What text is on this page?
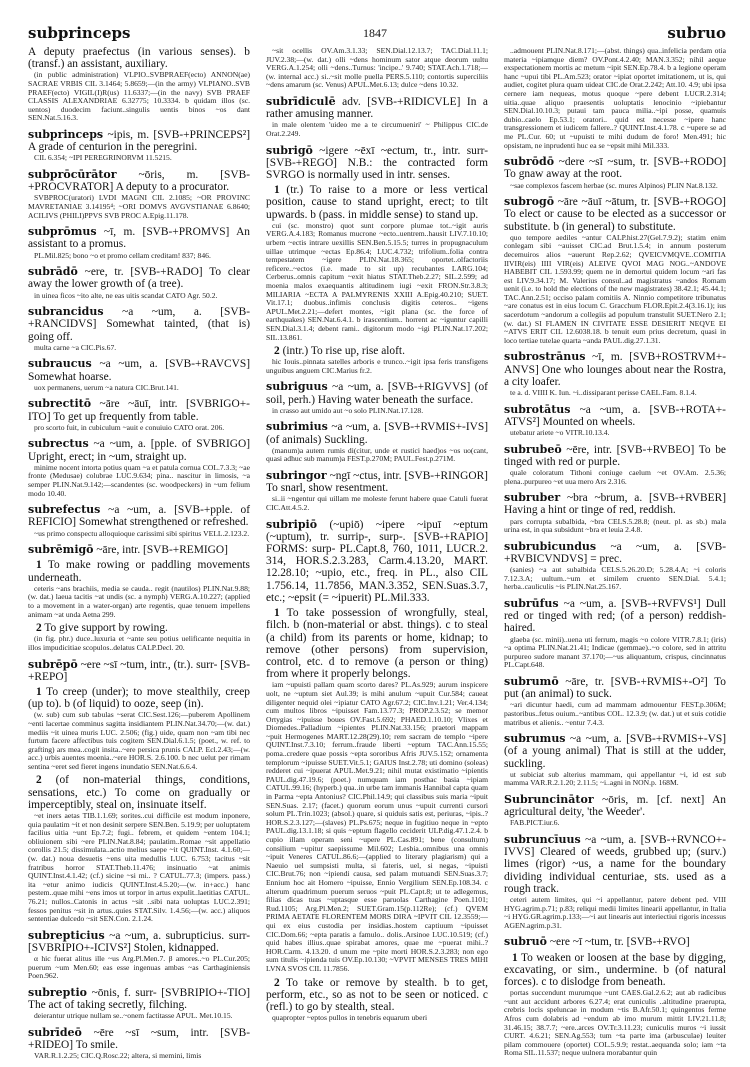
subprinceps	1847	subruo

A deputy praefectus (in various senses). b (transf.) an assistant, auxiliary.

(in public administration) VLPIO..SVBPRAEF(ecto) ANNON(ae) SACRAE VRBIS CIL 3.1464; 5.8659;—(in the army) VLPIANO..SVB PRAEF(ecto) VIGIL(I)R(us) 11.6337;—(in the navy) SVB PRAEF CLASSIS ALEXANDRIAE 6.32775; 10.3334. b quidam illos (sc. uentos) duodecim faciunt..singulis uentis binos ~os dant SEN.Nat.5.16.3.

subprinceps ~ipis, m. [SVB-+PRINCEPS²] A grade of centurion in the peregrini.

CIL 6.354; ~IPI PEREGRINORVM 11.5215.

subprōcūrātor ~ōris, m. [SVB-+PROCVRATOR] A deputy to a procurator.

SVBPROC(uratori) LVDI MAGNI CIL 2.1085; ~OR PROVINC MAVRETANIAE 3.14195⁴; ~ORI DOMVS AVGVSTIANAE 6.8640; ACILIVS (PHILI)PPVS SVB PROC A.Epig.11.178.

subprōmus ~ī, m. [SVB-+PROMVS] An assistant to a promus.

PL.Mil.825; bono ~o et promo cellam creditam! 837; 846.

subrādō ~ere, tr. [SVB-+RADO] To clear away the lower growth of (a tree).

in uinea ficos ~ito alte, ne eas uitis scandat CATO Agr. 50.2.

subrancidus ~a ~um, a. [SVB-+RANCIDVS] Somewhat tainted, (that is) going off.

multa carne ~a CIC.Pis.67.

subraucus ~a ~um, a. [SVB-+RAVCVS] Somewhat hoarse.

uox permanens, uerum ~a natura CIC.Brut.141.

subrectitō ~āre ~āuī, intr. [SVBRIGO+-ITO] To get up frequently from table.

pro scorto fuit, in cubiculum ~auit e conuiuio CATO orat. 206.

subrectus ~a ~um, a. [pple. of SVBRIGO] Upright, erect; in ~um, straight up.

minime nocent intorta potius quam ~a et patula cornua COL.7.3.3; ~ae fronte (Medusae) colubrae LUC.9.634; pina.. nascitur in limosis, ~a semper PLIN.Nat.9.142;—scandentes (sc. woodpeckers) in ~um felium modo 10.40.

subrefectus ~a ~um, a. [SVB-+pple. of REFICIO] Somewhat strengthened or refreshed.

~us primo conspectu alloquioque carissimi sibi spiritus VELL.2.123.2.

subrēmigō ~āre, intr. [SVB-+REMIGO]

1 To make rowing or paddling movements underneath.

ceteris ~ans brachiis, media se cauda.. regit (nautilos) PLIN.Nat.9.88; (w. dat.) laeua tacitis ~at undis (sc. a nymph) VERG.A.10.227; (applied to a movement in a water-organ) arte regentis, quae tenuem impellens animam ~at unda Aetna 299.

2 To give support by rowing.

(in fig. phr.) duce..luxuria et ~ante seu potius uelificante nequitia in illos impudicitiae scopulos..delatus CALP.Decl. 20.

subrēpō ~ere ~sī ~tum, intr., (tr.). surr- [SVB-+REPO]

1 To creep (under); to move stealthily, creep (up to). b (of liquid) to ooze, seep (in).

(w. sub) cum sub tabulas ~serat CIC.Sest.126;—puberem Apollinem ~enti lacertae comminus sagitta insidiantem PLIN.Nat.34.70;—(w. dat.) mediis ~it uinea muris LUC. 2.506; (fig.) uide, quam non ~am tibi nec furtum facere affectibus tuis cogitem SEN.Dial.6.1.5; (poet., w. ref. to grafting) ars mea..cogit insita..~ere persica prunis CALP. Ecl.2.43;—(w. acc.) urbis auentes moenia..~ere HOR.S. 2.6.100. b nec uelut per rimam sentina ~eret sed fieret ingens inundatio SEN.Nat.6.6.4.

2 (of non-material things, conditions, sensations, etc.) To come on gradually or imperceptibly, steal on, insinuate itself.

~et iners aetas TIB.1.1.69; sorites..cui difficile est modum inponere, quia paulatim ~it et non desinit serpere SEN.Ben. 5.19.9; per uoluptatem facilius uitia ~unt Ep.7.2; fugi.. febrem, et quidem ~entem 104.1; obliuionem sibi ~ere PLIN.Nat.8.84; paulatim..Romae ~sit appellatio corollis 21.5; dissimulata..actio melius saepe ~it QUINT.Inst. 4.1.60;—(w. dat.) noua desuetis ~ens uita medullis LUC. 6.753; tacitus ~sit fratribus horror STAT.Theb.11.476; insinuatio ~at animis QUINT.Inst.4.1.42; (cf.) sicine ~si mi.. ? CATUL.77.3; (impers. pass.) ita ~etur animo iudicis QUINT.Inst.4.5.20;—(w. in+acc.) hanc pestem..quae mihi ~ens imos ut torpor in artus expulit..laetitias CATUL. 76.21; nullos..Catonis in actus ~sit ..sibi nata uoluptas LUC.2.391; fessos penitus ~sit in artus..quies STAT.Silv. 1.4.56;—(w. acc.) aliquos sententiae dulcedo ~sit SEN.Con. 2.1.24.

subrepticius ~a ~um, a. subrupticius. surr- [SVBRIPIO+-ICIVS²] Stolen, kidnapped.

α hic fuerat alitus ille ~us Arg.Pl.Men.7. β amores..~o PL.Cur.205; puerum ~um Men.60; eas esse ingenuas ambas ~as Carthaginiensis Poen.962.

subreptio ~ōnis, f. surr- [SVBRIPIO+-TIO] The act of taking secretly, filching.

deierantur utrique nullam se..~onem factitasse APUL. Met.10.15.

subrīdeō ~ēre ~sī ~sum, intr. [SVB-+RIDEO] To smile.

VAR.R.1.2.25; CIC.Q.Rosc.22; altera, si memini, limis

~sit ocellis OV.Am.3.1.33; SEN.Dial.12.13.7; TAC.Dial.11.1; JUV.2.38;—(w. dat.) olli ~dens hominum sator atque deorum uultu VERG.A.1.254; olli ~dens..Turnus: 'incipe..' 9.740; STAT.Ach.1.718;—(w. internal acc.) si..~sit molle puella PERS.5.110; contortis superciliis ~dens amarum (sc. Venus) APUL.Met.6.13; dulce ~dens 10.32.

subrīdiculē adv. [SVB-+RIDICVLE] In a rather amusing manner.

in male olentem 'uideo me a te circumueniri' ~ Philippus CIC.de Orat.2.249.

subrigō ~igere ~ēxī ~ectum, tr., intr. surr- [SVB-+REGO] N.B.: the contracted form SVRGO is normally used in intr. senses.

1 (tr.) To raise to a more or less vertical position, cause to stand upright, erect; to tilt upwards. b (pass. in middle sense) to stand up.

cui (sc. monstro) quot sunt corpore plumae tot..~igit auris VERG.A.4.183; Romanus mucrone ~ecto..uentrem..hausit LIV.7.10.10; urbem ~ectis intrare uexillis SEN.Ben.5.15.5; turres in propugnaculum uillae utrimque ~ectas Ep.86.4; LUC.4.732; trifolium..folia contra tempestatem ~igere PLIN.Nat.18.365; oportet..olfactoriis reficere..~ectos (i.e. made to sit up) recubantes LARG.104; Cerberus..omnis capitum ~exit hiatus STAT.Theb.2.27; SIL.2.599; ad moenia malos exaequantis altitudinem iugi ~exit FRON.Str.3.8.3; MILIARIA ~ECTA A PALMYRENIS XXIII A.Epig.40.210; SUET. Vit.17.1; duobus..infimis conclusis digitis ceteros.. ~igens APUL.Met.2.21;—defert montes, ~igit plana (sc. the force of earthquakes) SEN.Nat.6.4.1. b irascentium.. horrent ac ~iguntur capilli SEN.Dial.3.1.4; debent rami.. digitorum modo ~igi PLIN.Nat.17.202; SIL.13.861.

2 (intr.) To rise up, rise aloft.

hic Iouis..pinnata satelles arboris e trunco..~igit ipsa feris transfigens unguibus anguem CIC.Marius fr.2.

subriguus ~a ~um, a. [SVB-+RIGVVS] (of soil, perh.) Having water beneath the surface.

in crasso aut umido aut ~o solo PLIN.Nat.17.128.

subrimius ~a ~um, a. [SVB-+RVMIS+-IVS] (of animals) Suckling.

(manum)a autem rumis di(citur, unde et rustici haed)os ~os uo(cant, quasi adhuc sub manum)a FEST.p.270M; PAUL.Fest.p.271M.

subringor ~ngī ~ctus, intr. [SVB-+RINGOR] To snarl, show resentment.

si..ii ~ngentur qui uillam me moleste ferunt habere quae Catuli fuerat CIC.Att.4.5.2.

subripiō (~upiō) ~ipere ~ipuī ~eptum (~uptum), tr. surrip-, surp-. [SVB-+RAPIO] FORMS: surp- PL.Capt.8, 760, 1011, LUCR.2. 314, HOR.S.2.3.283, Carm.4.13.20, MART. 12.28.10; ~upio, etc., freq. in PL., also CIL 1.756.14, 11.7856, MAN.3.352, SEN.Suas.3.7, etc.; ~epsit (= ~ipuerit) PL.Mil.333.

1 To take possession of wrongfully, steal, filch. b (non-material or abst. things). c to steal (a child) from its parents or home, kidnap; to remove (other persons) from supervision, control, etc. d to remove (a person or thing) from where it properly belongs.

iam ~upuisti pallam quam scorto dares? PL.As.929; aurum inspicere uolt, ne ~uptum siet Aul.39; is mihi anulum ~upuit Cur.584; caueat diligenter nequid olei ~ipiatur CATO Agr.67.2; CIC.Inv.1.21; Ver.4.134; cum multos libros ~ipuisset Fam.13.77.3; PROP.2.3.52; se memor Ortygias ~ipuisse boues OV.Fast.5.692; PHAED.1.10.10; Vlixes et Diomedes..Palladium ~ipientes PLIN.Nat.33.156; praetori mappam ~puit Hermogenes MART.12.28(29).10; rem sacram de templo ~ipere QUINT.Inst.7.3.10; ferrum..fraude liberti ~eptum TAC.Ann.15.55; poma..credere quae possis ~epta sororibus Afris JUV.5.152; ornamenta templorum ~ipuisse SUET.Vit.5.1; GAIUS Inst.2.78; uti domino (soleas) redderet cui ~ipuerat APUL.Met.9.21; nihil mutat existimatio ~ipientis PAUL.dig.47.19.6; (poet.) numquam iam posthac basia ~ipiam CATUL.99.16; (hyperb.) qua..in urbe tam immanis Hannibal capta quam in Parma ~epta Antonius? CIC.Phil.14.9; qui classibus suis maria ~ipuit SEN.Suas. 2.17; (facet.) quorum eorum unus ~upuit currenti cursori solum PL.Trin.1023; (absol.) quare, si quiduis satis est, periuras, ~ipis..? HOR.S.2.3.127;—(slaves) PL.Ps.675; neque in fugitiuo neque in ~epto PAUL.dig.13.1.18; si quis ~eptum flagello ceciderit ULP.dig.47.1.2.4. b cupio illam operam seni ~upere PL.Cas.891; bene (consultum) consilium ~upitur saepissume Mil.602; Lesbia..omnibus una omnis ~ipuit Veneres CATUL.86.6;—(applied to literary plagiarism) qui a Naeuio uel sumpsisti multa, si fateris, uel, si negas, ~ipuisti CIC.Brut.76; non ~ipiendi causa, sed palam mutuandi SEN.Suas.3.7; Ennium hoc ait Homero ~ipuisse, Ennio Vergilium SEN.Ep.108.34. c alterum quadrimum puerum seruos ~puit PL.Capt.8; ut te adlegemus, filias dicas tuas ~uptasque esse paruolas Carthagine Poen.1101; Rud.1105; Arg.Pl.Men.2; SUET.Gram.15(p.112Re); (cf.) QVEM PRIMA AETATE FLORENTEM MORS DIRA ~IPVIT CIL 12.3559;—qui ex eius custodia per insidias..hostem captiuum ~ipuisset CIC.Dom.66; ~epta paratis a famulo.. dolis..Arsinoe LUC.10.519; (cf.) quid habes illius..quae spirabat amores, quae me ~puerat mihi..? HOR.Carm. 4.13.20. d unum me ~pite morti HOR.S.2.3.283; non ego sum titulis ~ipienda tuis OV.Ep.10.130; ~VPVIT MENSES TRES MIHI LVNA SVOS CIL 11.7856.

2 To take or remove by stealth. b to get, perform, etc., so as not to be seen or noticed. c (refl.) to go by stealth, steal.

quapropter ~eptos pullos in tenebris equarum uberi

..admouent PLIN.Nat.8.171;—(abst. things) qua..infelicia perdam otia materia ~ipiamque diem? OV.Pont.4.2.40; MAN.3.352; nihil aeque exspectationem mortis ac metum ~ipit SEN.Ep.78.4. b a legione operam hanc ~upui tibi PL.Am.523; orator ~ipiat oportet imitationem, ut is, qui audiet, cogitet plura quam uideat CIC.de Orat.2.242; Att.10. 4.9; ubi ipsa cernere iam nequeas, motus quoque ~pere debent LUCR.2.314; uitia..quae aliquo praesentis uoluptatis lenocinio ~ipiebantur SEN.Dial.10.10.3; putaui tam pauca milia..~ipi posse, quamuis dubio..caelo Ep.53.1; oratori.. quid est necesse ~ipere hanc transgressionem et iudicem fallere..? QUINT.Inst.4.1.78. c ~upere se ad me PL.Cur. 60; ut ~upuisti te mihi dudum de foro! Men.491; hic opsistam, ne inprudenti huc ea se ~epsit mihi Mil.333.

subrōdō ~dere ~sī ~sum, tr. [SVB-+RODO] To gnaw away at the root.

~sae complexos fascem herbae (sc. mures Alpinos) PLIN Nat.8.132.

subrogō ~āre ~āuī ~ātum, tr. [SVB-+ROGO] To elect or cause to be elected as a successor or substitute. b (in general) to substitute.

quo tempore aediles ~antur CALP.hist.27(Gel.7.9.2); statim enim conlegam sibi ~auisset CIC.ad Brut.1.5.4; in annum posterum decemuiros alios ~auerunt Rep.2.62; QVEICVMQVE..COMITIA IIVIR(eis) IIII VIR(eis) ALEIVE QVOI MAG NOG..~ANDOVE HABEBIT CIL 1.593.99; quem ne in demortui quidem locum ~ari fas est LIV.9.34.17; M. Valerius consul..ad magistratus ~andos Romam uenit (i.e. to hold the elections of the new magistrates) 38.42.1; 45.44.1; TAC.Ann.2.51; occiso palam comitiis A. Ninnio competitore tribunatus ~are conatus est in eius locum C. Gracchum FLOR.Epit.2.4(3.16.1); ius sacerdotum ~andorum a collegiis ad populum transtulit SUET.Nero 2.1; (w. dat.) SI FLAMEN IN CIVITATE ESSE DESIERIT NEQVE EI ~ATVS ERIT CIL 12.6038.18. b tenuit eum prius decretum, quasi in loco tertiae tutelae quarta ~anda PAUL.dig.27.1.31.

subrostrānus ~ī, m. [SVB+ROSTRVM+-ANVS] One who lounges about near the Rostra, a city loafer.

te a. d. VIIII K. Iun. ~i..dissiparant perisse CAEL.Fam. 8.1.4.

subrotātus ~a ~um, a. [SVB-+ROTA+-ATVS²] Mounted on wheels.

utebatur ariete ~o VITR.10.13.4.

subrubeō ~ēre, intr. [SVB-+RVBEO] To be tinged with red or purple.

quale coloratum Tithoni coniuge caelum ~et OV.Am. 2.5.36; plena..purpureo ~et uua mero Ars 2.316.

subruber ~bra ~brum, a. [SVB-+RVBER] Having a hint or tinge of red, reddish.

pars corrupta subalbida, ~bra CELS.5.28.8; (neut. pl. as sb.) mala urina est, in qua subsidunt ~bra et leuia 2.4.8.

subrubicundus ~a ~um, a. [SVB-+RVBICVNDVS] = prec.

(sanies) ~a aut subalbida CELS.5.26.20.D; 5.28.4.A; ~i coloris 7.12.3.A; uultum..~um et similem cruento SEN.Dial. 5.4.1; herba..cauliculis ~is PLIN.Nat.25.167.

subrūfus ~a ~um, a. [SVB-+RVFVS¹] Dull red or tinged with red; (of a person) reddish-haired.

glaeba (sc. minii)..uena uti ferrum, magis ~o colore VITR.7.8.1; (iris) ~a optima PLIN.Nat.21.41; Indicae (gemmae)..~o colore, sed in attritu purpureo sudore manant 37.170;—~us aliquantum, crispus, cincinnatus PL.Capt.648.

subrumō ~āre, tr. [SVB-+RVMIS+-O²] To put (an animal) to suck.

~ari dicuntur haedi, cum ad mammam admouentur FEST.p.306M; pastoribus..fetus ouium..~antibus COL. 12.3.9; (w. dat.) ut et suis cotidie matribus et alienis.. ~entur 7.4.3.

subrumus ~a ~um, a. [SVB-+RVMIS+-VS] (of a young animal) That is still at the udder, suckling.

ut subiciat sub alterius mammam, qui appellantur ~i, id est sub mamma VAR.R.2.1.20; 2.11.5; ~i..agni in NON.p. 168M.

Subruncinātor ~ōris, m. [cf. next] An agricultural deity, 'the Weeder'.

FAB.PICT.iur.6.

subruncīuus ~a ~um, a. [SVB-+RVNCO+-IVVS] Cleared of weeds, grubbed up; (surv.) limes (rigor) ~us, a name for the boundary dividing individual centuriae, sts. used as a rough track.

ceteri autem limites, qui ~i appellantur, patere debent ped. VIII HYG.agrim.p.71; p.83; reliqui medii limites linearii appellantur, in Italia ~i HYG.GR.agrim.p.133;—~i aut linearis aut interiectiui rigoris incessus AGEN.agrim.p.31.

subruō ~ere ~ī ~tum, tr. [SVB-+RVO]

1 To weaken or loosen at the base by digging, excavating, or sim., undermine. b (of natural forces). c to dislodge from beneath.

portas succendunt murumque ~unt CAES.Gal.2.6.2; aut ab radicibus ~unt aut accidunt arbores 6.27.4; erat cuniculis ..altitudine praerupta, crebris locis speluncae in modum ~tis B.Afr.50.1; quingentos ferme Afros cum dolabris ad ~endum ab imo murum mittit LIV.21.11.8; 31.46.15; 38.7.7; ~ere..arces OV.Tr.3.11.23; cuniculis muros ~i iussit CURT. 4.6.21; SEN.Ag.553; tum ~ta parte ima (arbusculae) leuiter pilam commouere (oportet) COL.5.9.9; restat..aequanda solo; iam ~ta Roma SIL.11.537; neque uulnera morabantur quin
